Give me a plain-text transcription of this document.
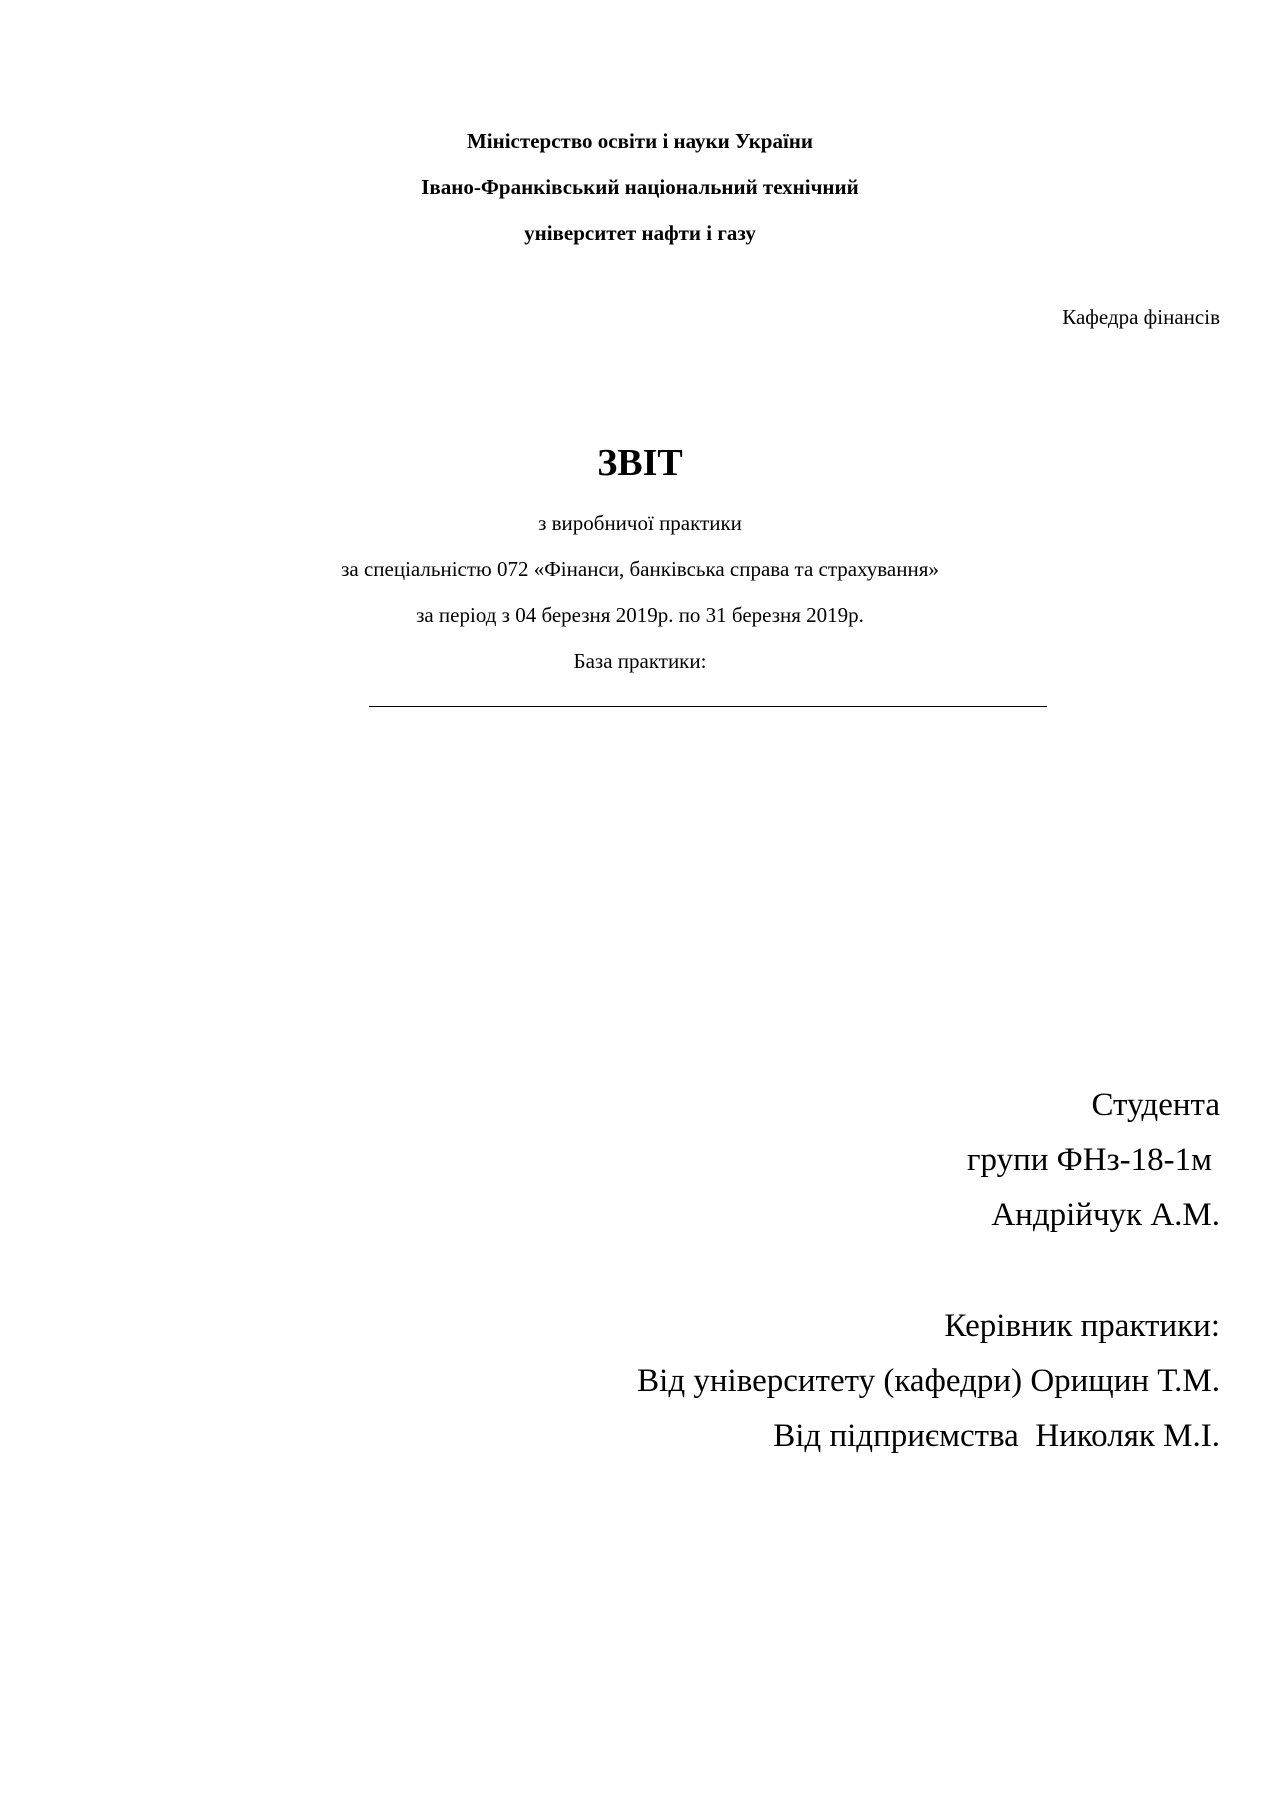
Міністерство освіти і науки України
Івано-Франківський національний технічний
університет нафти і газу
Кафедра фінансів
ЗВІТ
з виробничої практики
за спеціальністю 072 «Фінанси, банківська справа та страхування»
за період з 04 березня 2019р. по 31 березня 2019р.
База практики:
Студента
групи ФНз-18-1м
Андрійчук А.М.
Керівник практики:
Від університету (кафедри) Орищин Т.М.
Від підприємства  Николяк М.І.
